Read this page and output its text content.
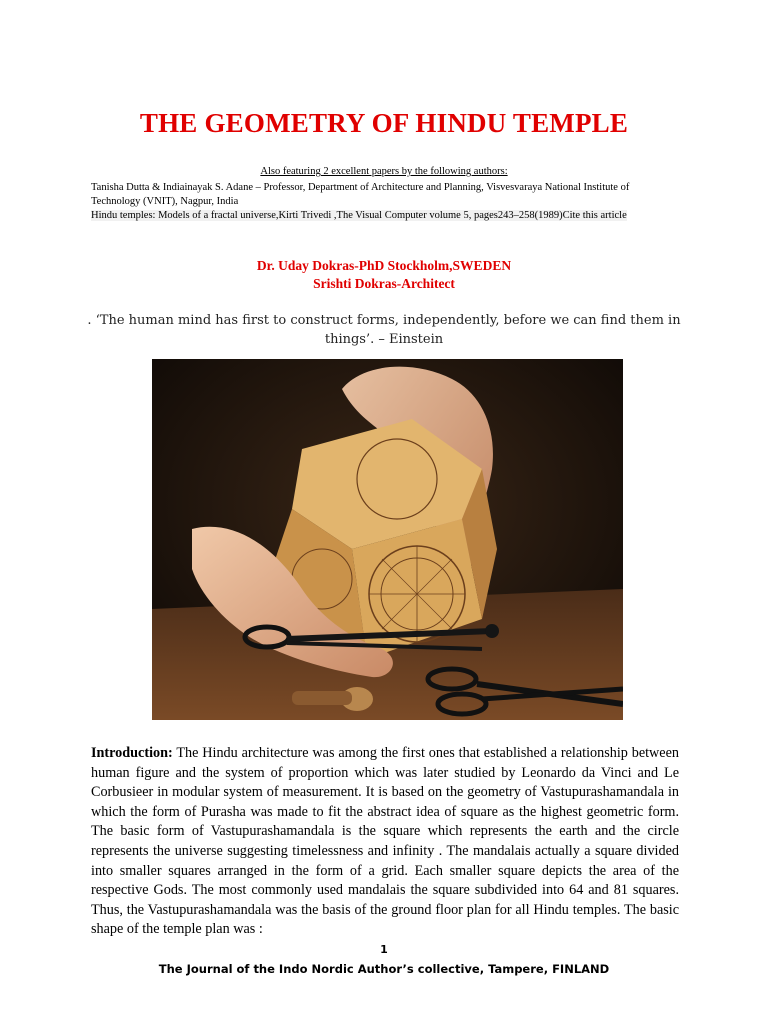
THE GEOMETRY OF HINDU TEMPLE
Also featuring 2 excellent papers by the following authors:
Tanisha Dutta & Indiainayak S. Adane – Professor, Department of Architecture and Planning, Visvesvaraya National Institute of
Technology (VNIT), Nagpur, India
Hindu temples: Models of a fractal universe,Kirti Trivedi ,The Visual Computer volume 5, pages243–258(1989)Cite this article
Dr. Uday Dokras-PhD Stockholm,SWEDEN
Srishti Dokras-Architect
. ‘The human mind has first to construct forms, independently, before we can find them in
things’. – Einstein
Introduction: The Hindu architecture was among the first ones that established a relationship between human figure and the system of proportion which was later studied by Leonardo da Vinci and Le Corbusieer in modular system of measurement. It is based on the geometry of Vastupurashamandala in which the form of Purasha was made to fit the abstract idea of square as the highest geometric form. The basic form of Vastupurashamandala is the square which represents the earth and the circle represents the universe suggesting timelessness and infinity . The mandalais actually a square divided into smaller squares arranged in the form of a grid. Each smaller square depicts the area of the respective Gods. The most commonly used mandalais the square subdivided into 64 and 81 squares. Thus, the Vastupurashamandala was the basis of the ground floor plan for all Hindu temples. The basic shape of the temple plan was :
1
The Journal of the Indo Nordic Author’s collective, Tampere, FINLAND
